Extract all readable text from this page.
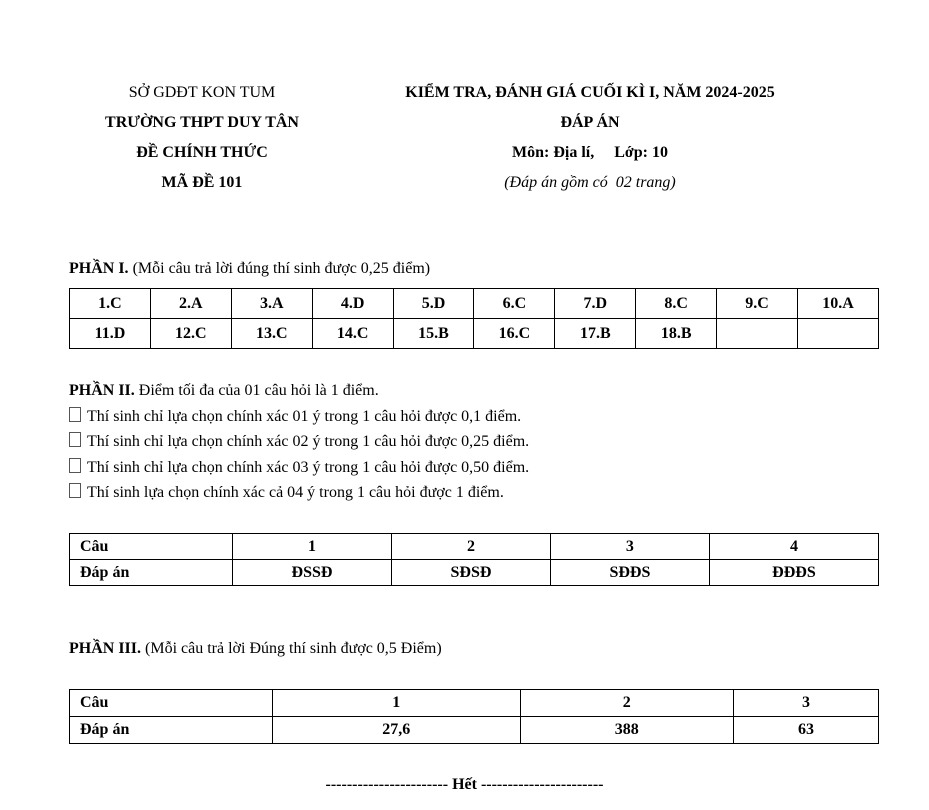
SỞ GDĐT KON TUM
TRƯỜNG THPT DUY TÂN
ĐỀ CHÍNH THỨC
MÃ ĐỀ 101
KIỂM TRA, ĐÁNH GIÁ CUỐI KÌ I, NĂM 2024-2025
ĐÁP ÁN
Môn: Địa lí,     Lớp: 10
(Đáp án gồm có  02 trang)
PHẦN I. (Mỗi câu trả lời đúng thí sinh được 0,25 điểm)
1.C	2.A	3.A	4.D	5.D	6.C	7.D	8.C	9.C	10.A
11.D	12.C	13.C	14.C	15.B	16.C	17.B	18.B		
PHẦN II. Điểm tối đa của 01 câu hỏi là 1 điểm.
Thí sinh chỉ lựa chọn chính xác 01 ý trong 1 câu hỏi được 0,1 điểm.
Thí sinh chỉ lựa chọn chính xác 02 ý trong 1 câu hỏi được 0,25 điểm.
Thí sinh chỉ lựa chọn chính xác 03 ý trong 1 câu hỏi được 0,50 điểm.
Thí sinh lựa chọn chính xác cả 04 ý trong 1 câu hỏi được 1 điểm.
Câu	1	2	3	4
Đáp án	ĐSSĐ	SĐSĐ	SĐĐS	ĐĐĐS
PHẦN III. (Mỗi câu trả lời Đúng thí sinh được 0,5 Điểm)
Câu	1	2	3
Đáp án	27,6	388	63
----------------------- Hết -----------------------
